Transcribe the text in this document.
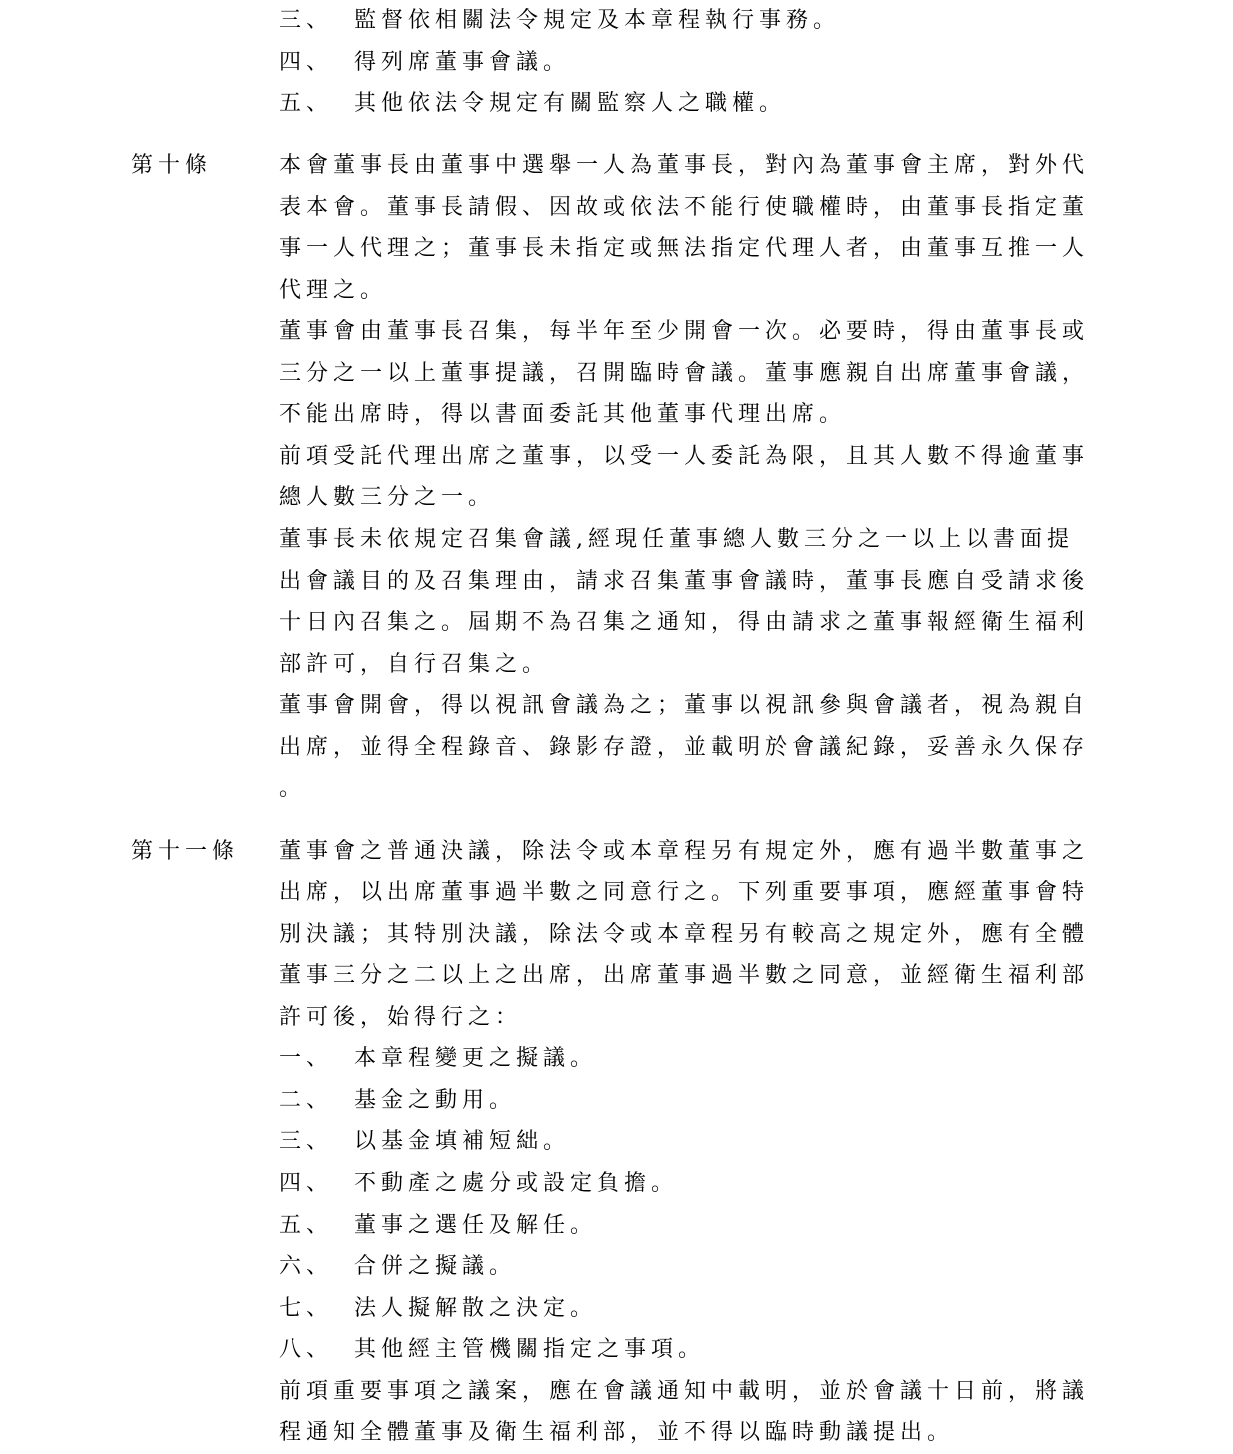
三、 監督依相關法令規定及本章程執行事務。
四、 得列席董事會議。
五、 其他依法令規定有關監察人之職權。
第十條	本會董事長由董事中選舉一人為董事長，對內為董事會主席，對外代
表本會。董事長請假、因故或依法不能行使職權時，由董事長指定董
事一人代理之；董事長未指定或無法指定代理人者，由董事互推一人
代理之。
董事會由董事長召集，每半年至少開會一次。必要時，得由董事長或
三分之一以上董事提議，召開臨時會議。董事應親自出席董事會議，
不能出席時，得以書面委託其他董事代理出席。
前項受託代理出席之董事，以受一人委託為限，且其人數不得逾董事
總人數三分之一。
董事長未依規定召集會議,經現任董事總人數三分之一以上以書面提
出會議目的及召集理由，請求召集董事會議時，董事長應自受請求後
十日內召集之。屆期不為召集之通知，得由請求之董事報經衛生福利
部許可，自行召集之。
董事會開會，得以視訊會議為之；董事以視訊參與會議者，視為親自
出席，並得全程錄音、錄影存證，並載明於會議紀錄，妥善永久保存
。
第十一條 董事會之普通決議，除法令或本章程另有規定外，應有過半數董事之
出席，以出席董事過半數之同意行之。下列重要事項，應經董事會特
別決議；其特別決議，除法令或本章程另有較高之規定外，應有全體
董事三分之二以上之出席，出席董事過半數之同意，並經衛生福利部
許可後，始得行之：
一、 本章程變更之擬議。
二、 基金之動用。
三、 以基金填補短絀。
四、 不動產之處分或設定負擔。
五、 董事之選任及解任。
六、 合併之擬議。
七、 法人擬解散之決定。
八、 其他經主管機關指定之事項。
前項重要事項之議案，應在會議通知中載明，並於會議十日前，將議
程通知全體董事及衛生福利部，並不得以臨時動議提出。
